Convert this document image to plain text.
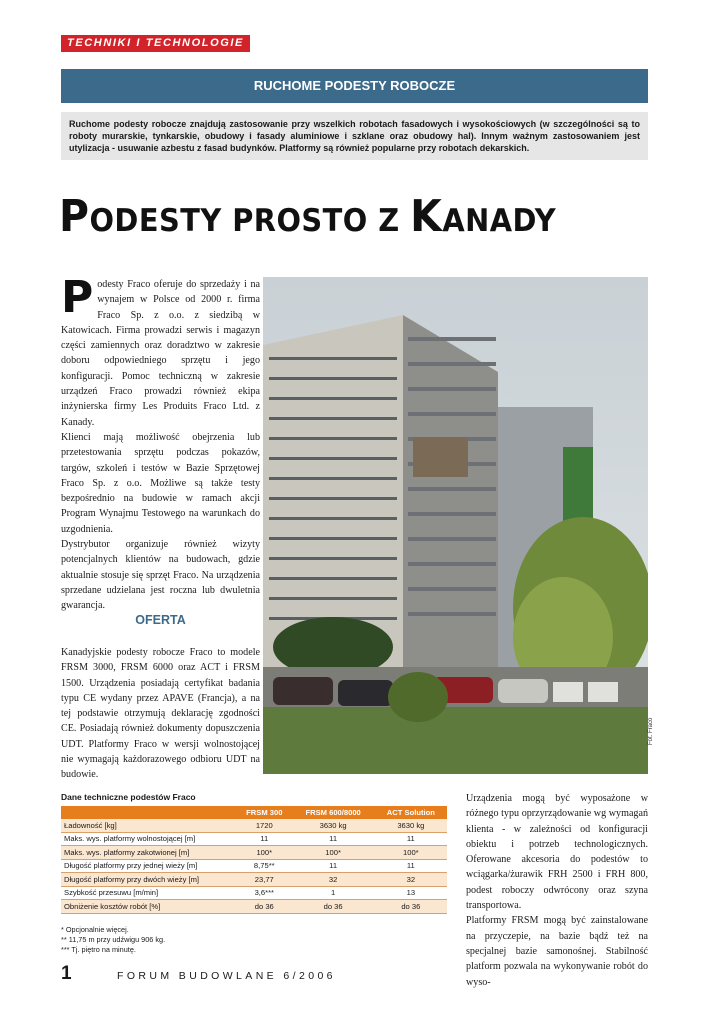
TECHNIKI I TECHNOLOGIE
RUCHOME PODESTY ROBOCZE
Ruchome podesty robocze znajdują zastosowanie przy wszelkich robotach fasadowych i wysokościowych (w szczególności są to roboty murarskie, tynkarskie, obudowy i fasady aluminiowe i szklane oraz obudowy hal). Innym ważnym zastosowaniem jest utylizacja - usuwanie azbestu z fasad budynków. Platformy są również popularne przy robotach dekarskich.
PODESTY PROSTO Z KANADY
P odesty Fraco oferuje do sprzedaży i na wynajem w Polsce od 2000 r. firma Fraco Sp. z o.o. z siedzibą w Katowicach. Firma prowadzi serwis i magazyn części zamiennych oraz doradztwo w zakresie doboru odpowiedniego sprzętu i jego konfiguracji. Pomoc techniczną w zakresie urządzeń Fraco prowadzi również ekipa inżynierska firmy Les Produits Fraco Ltd. z Kanady.

Klienci mają możliwość obejrzenia lub przetestowania sprzętu podczas pokazów, targów, szkoleń i testów w Bazie Sprzętowej Fraco Sp. z o.o. Możliwe są także testy bezpośrednio na budowie w ramach akcji Program Wynajmu Testowego na warunkach do uzgodnienia.

Dystrybutor organizuje również wizyty potencjalnych klientów na budowach, gdzie aktualnie stosuje się sprzęt Fraco. Na urządzenia sprzedane udzielana jest roczna lub dwuletnia gwarancja.

OFERTA

Kanadyjskie podesty robocze Fraco to modele FRSM 3000, FRSM 6000 oraz ACT i FRSM 1500. Urządzenia posiadają certyfikat badania typu CE wydany przez APAVE (Francja), a na tej podstawie otrzymują deklarację zgodności CE. Posiadają również dokumenty dopuszczenia UDT. Platformy Fraco w wersji wolnostojącej nie wymagają każdorazowego odbioru UDT na budowie.

Fot. Fraco
Dane techniczne podestów Fraco
	FRSM 300	FRSM 600/8000	ACT Solution
Ładowność [kg]	1720	3630 kg	3630 kg
Maks. wys. platformy wolnostojącej [m]	11	11	11
Maks. wys. platformy zakotwionej [m]	100*	100*	100*
Długość platformy przy jednej wieży [m]	8,75**	11	11
Długość platformy przy dwóch wieży [m]	23,77	32	32
Szybkość przesuwu [m/min]	3,6***	1	13
Obniżenie kosztów robót [%]	do 36	do 36	do 36
* Opcjonalnie więcej.
** 11,75 m przy udźwigu 906 kg.
*** Tj. piętro na minutę.

Urządzenia mogą być wyposażone w różnego typu oprzyrządowanie wg wymagań klienta - w zależności od konfiguracji obiektu i potrzeb technologicznych. Oferowane akcesoria do podestów to wciągarka/żurawik FRH 2500 i FRH 800, podest roboczy odwrócony oraz szyna transportowa.

Platformy FRSM mogą być zainstalowane na przyczepie, na bazie bądź też na specjalnej bazie samonośnej. Stabilność platform pozwala na wykonywanie robót do wyso-

1	FORUM BUDOWLANE 6/2006
